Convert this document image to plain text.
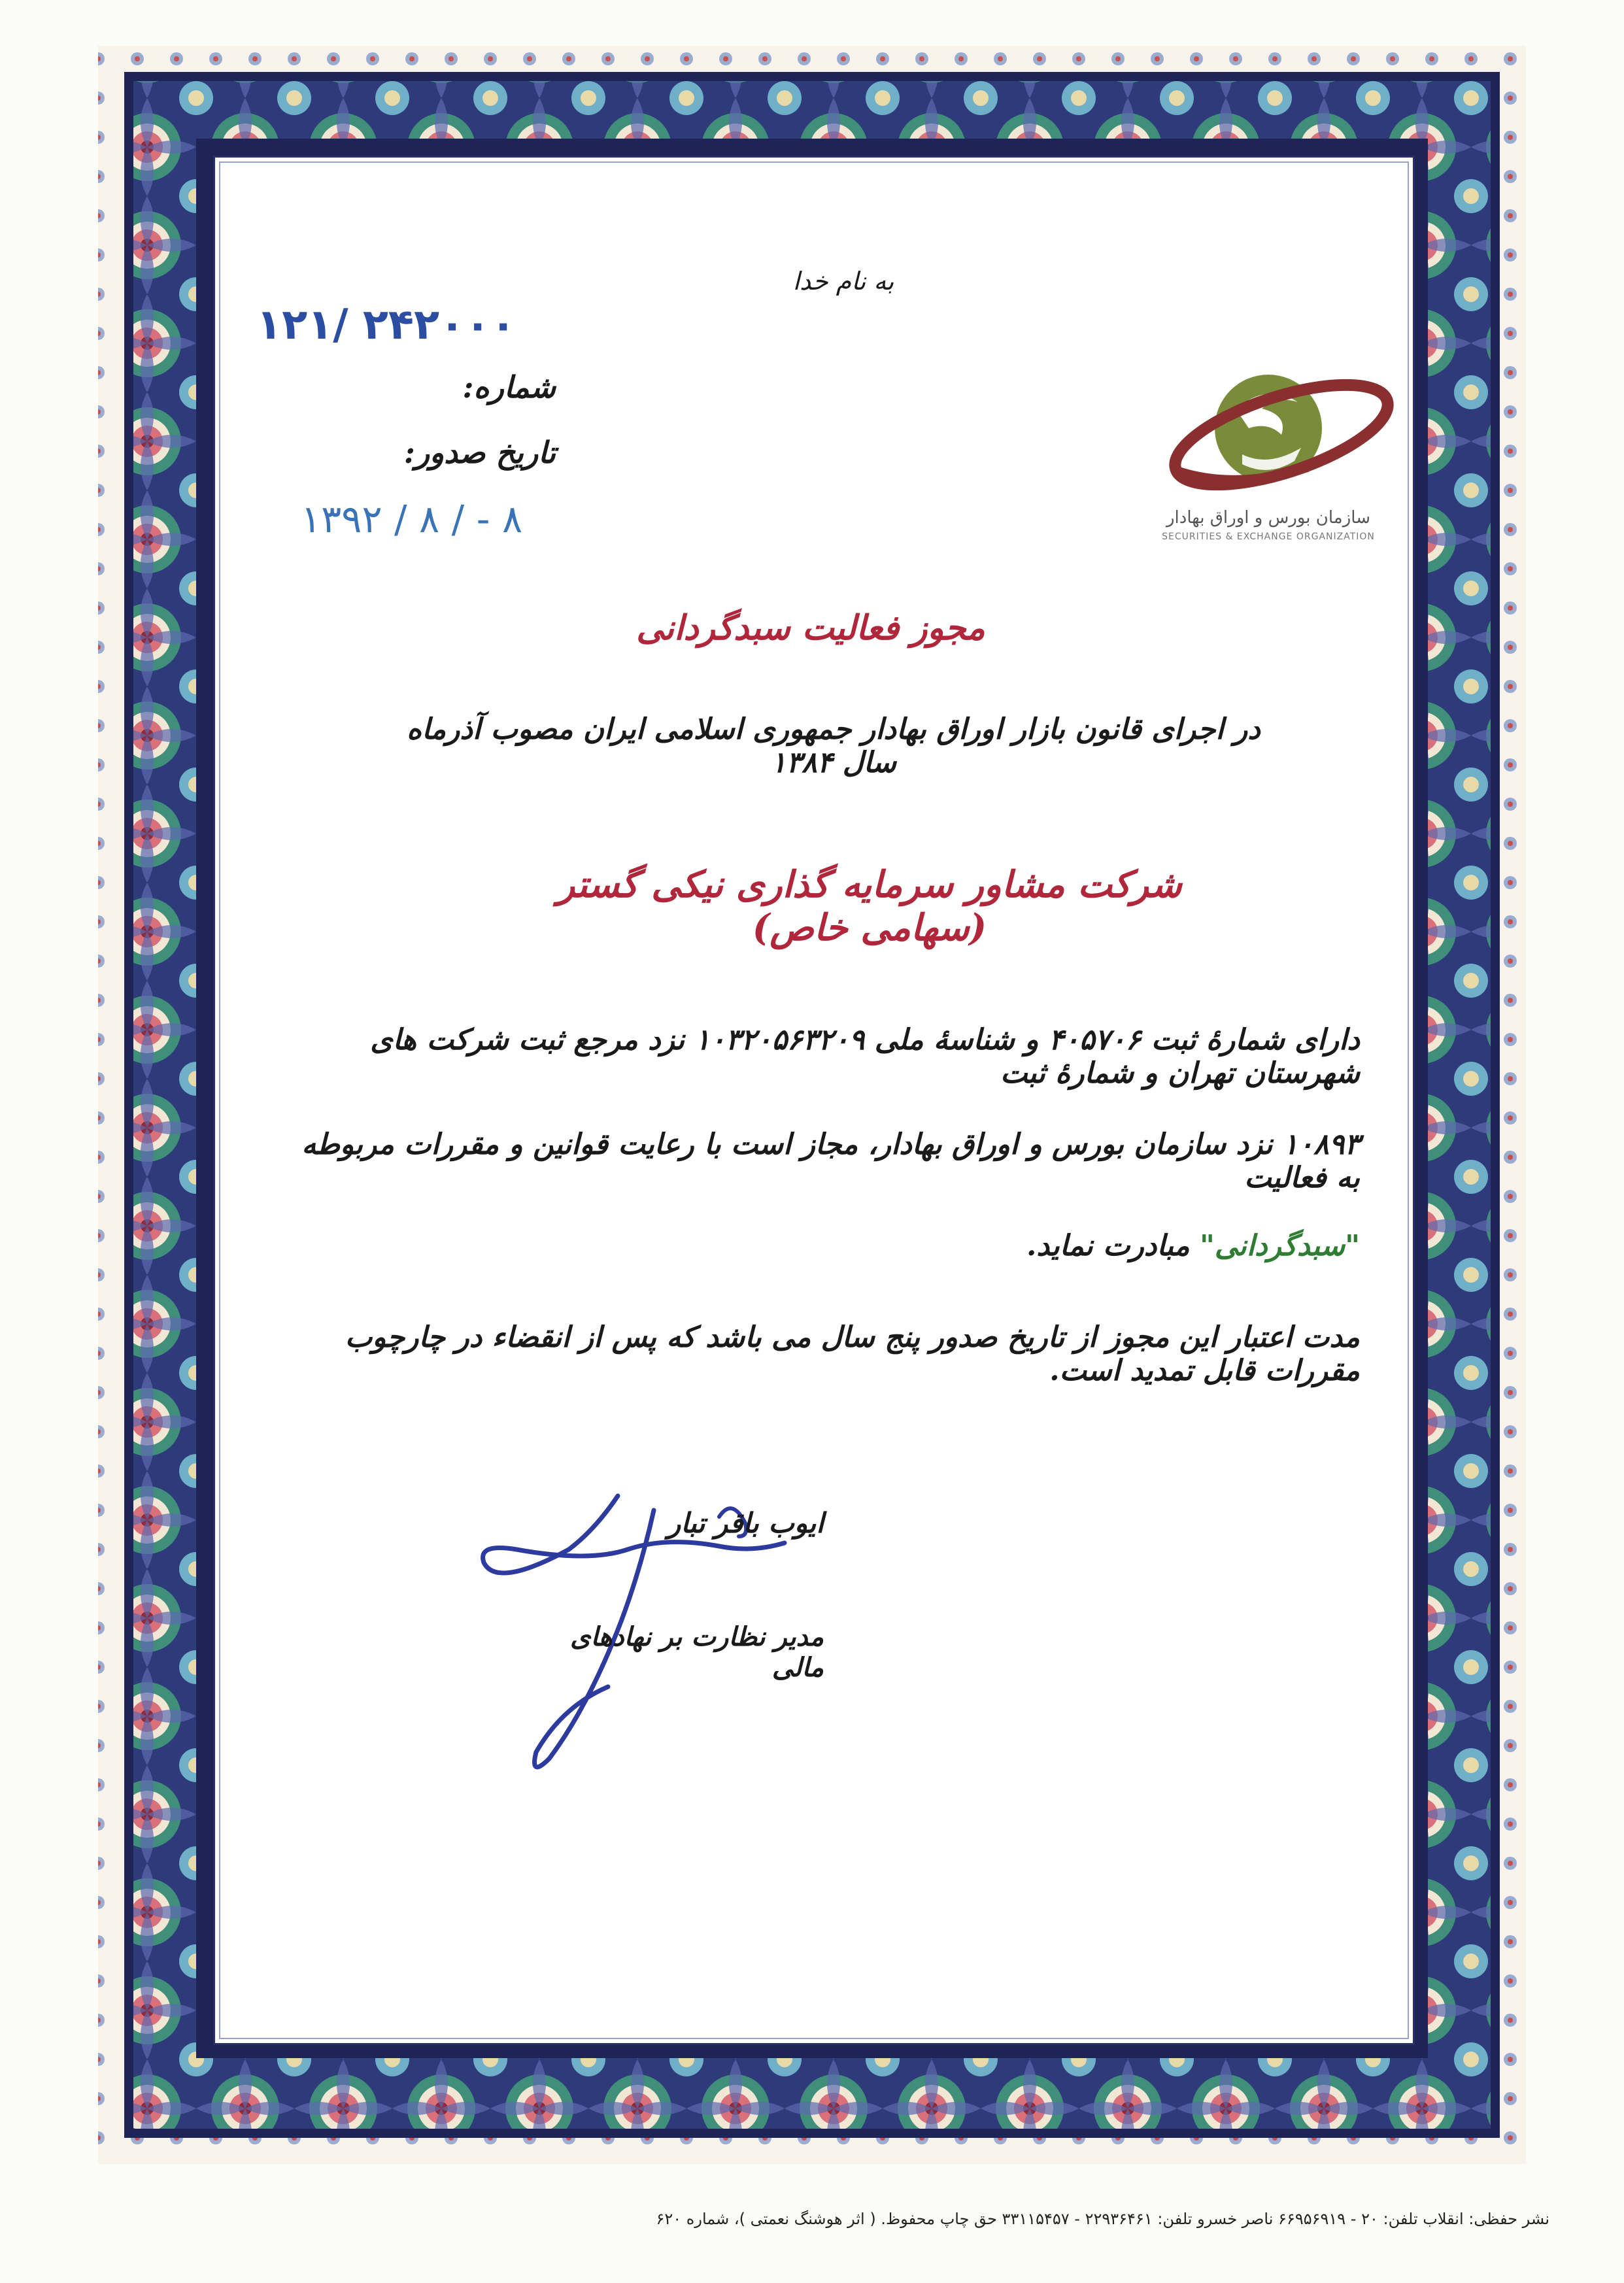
به نام خدا
۱۲۱/ ۲۴۲۰۰۰
شماره:
تاریخ صدور:
۱۳۹۲ / ۸ / - ۸	سازمان بورس و اوراق بهادار
SECURITIES & EXCHANGE ORGANIZATION
مجوز فعالیت سبدگردانی
در اجرای قانون بازار اوراق بهادار جمهوری اسلامی ایران مصوب آذرماه سال ۱۳۸۴
شرکت مشاور سرمایه گذاری نیکی گستر (سهامی خاص)
دارای شمارهٔ ثبت ۴۰۵۷۰۶ و شناسهٔ ملی ۱۰۳۲۰۵۶۳۲۰۹ نزد مرجع ثبت شرکت های شهرستان تهران و شمارهٔ ثبت
۱۰۸۹۳ نزد سازمان بورس و اوراق بهادار، مجاز است با رعایت قوانین و مقررات مربوطه به فعالیت
"سبدگردانی" مبادرت نماید.
مدت اعتبار این مجوز از تاریخ صدور پنج سال می باشد که پس از انقضاء در چارچوب مقررات قابل تمدید است.
ایوب باقر تبار
مدیر نظارت بر نهادهای مالی
نشر حفظی: انقلاب تلفن: ۲۰ - ۶۶۹۵۶۹۱۹ ناصر خسرو تلفن: ۲۲۹۳۶۴۶۱ - ۳۳۱۱۵۴۵۷ حق چاپ محفوظ. ( اثر هوشنگ نعمتی )، شماره ۶۲۰
